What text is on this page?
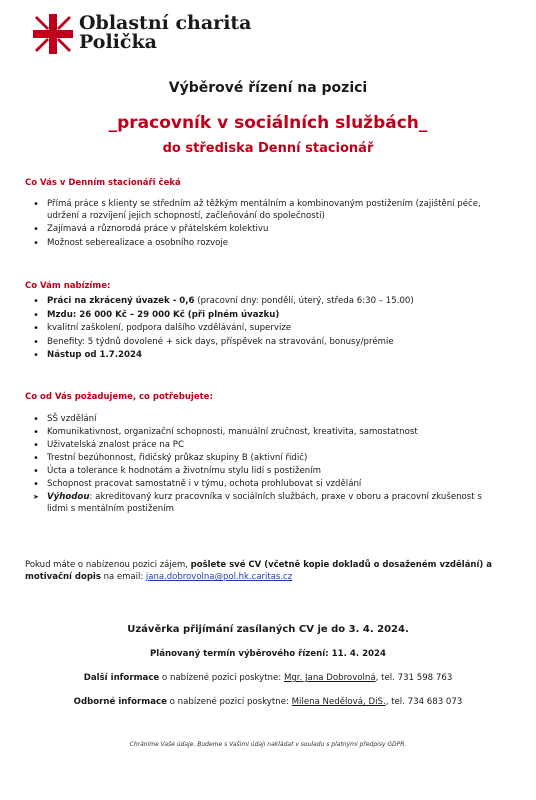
Oblastní charita
Polička
Výběrové řízení na pozici
_pracovník v sociálních službách_
do střediska Denní stacionář
Co Vás v Denním stacionáři čeká
• Přímá práce s klienty se středním až těžkým mentálním a kombinovaným postižením (zajištění péče, udržení a rozvíjení jejich schopností, začleňování do společnosti)
• Zajímavá a různorodá práce v přátelském kolektivu
• Možnost seberealizace a osobního rozvoje
Co Vám nabízíme:
• Práci na zkrácený úvazek - 0,6 (pracovní dny: pondělí, úterý, středa 6:30 – 15.00)
• Mzdu: 26 000 Kč – 29 000 Kč (při plném úvazku)
• kvalitní zaškolení, podpora dalšího vzdělávání, supervize
• Benefity: 5 týdnů dovolené + sick days, příspěvek na stravování, bonusy/prémie
• Nástup od 1.7.2024
Co od Vás požadujeme, co potřebujete:
• SŠ vzdělání
• Komunikativnost, organizační schopnosti, manuální zručnost, kreativita, samostatnost
• Uživatelská znalost práce na PC
• Trestní bezúhonnost, řidičský průkaz skupiny B (aktivní řidič)
• Úcta a tolerance k hodnotám a životnímu stylu lidí s postižením
• Schopnost pracovat samostatně i v týmu, ochota prohlubovat si vzdělání
➤ Výhodou: akreditovaný kurz pracovníka v sociálních službách, praxe v oboru a pracovní zkušenost s lidmi s mentálním postižením
Pokud máte o nabízenou pozici zájem, pošlete své CV (včetně kopie dokladů o dosaženém vzdělání) a motivační dopis na email: jana.dobrovolna@pol.hk.caritas.cz
Uzávěrka přijímání zasílaných CV je do 3. 4. 2024.
Plánovaný termín výběrového řízení: 11. 4. 2024
Další informace o nabízené pozici poskytne: Mgr. Jana Dobrovolná, tel. 731 598 763
Odborné informace o nabízené pozici poskytne: Milena Nedělová, DiS., tel. 734 683 073
Chráníme Vaše údaje. Budeme s Vašimi údaji nakládat v souladu s platnými předpisy GDPR.
